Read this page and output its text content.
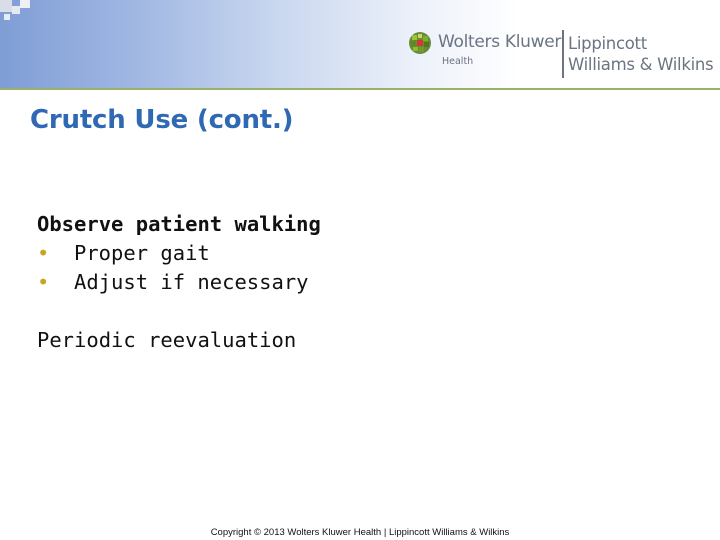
Wolters Kluwer
Health
Lippincott
Williams & Wilkins
Crutch Use (cont.)
Observe patient walking
• Proper gait
• Adjust if necessary
Periodic reevaluation
Copyright © 2013 Wolters Kluwer Health | Lippincott Williams & Wilkins
